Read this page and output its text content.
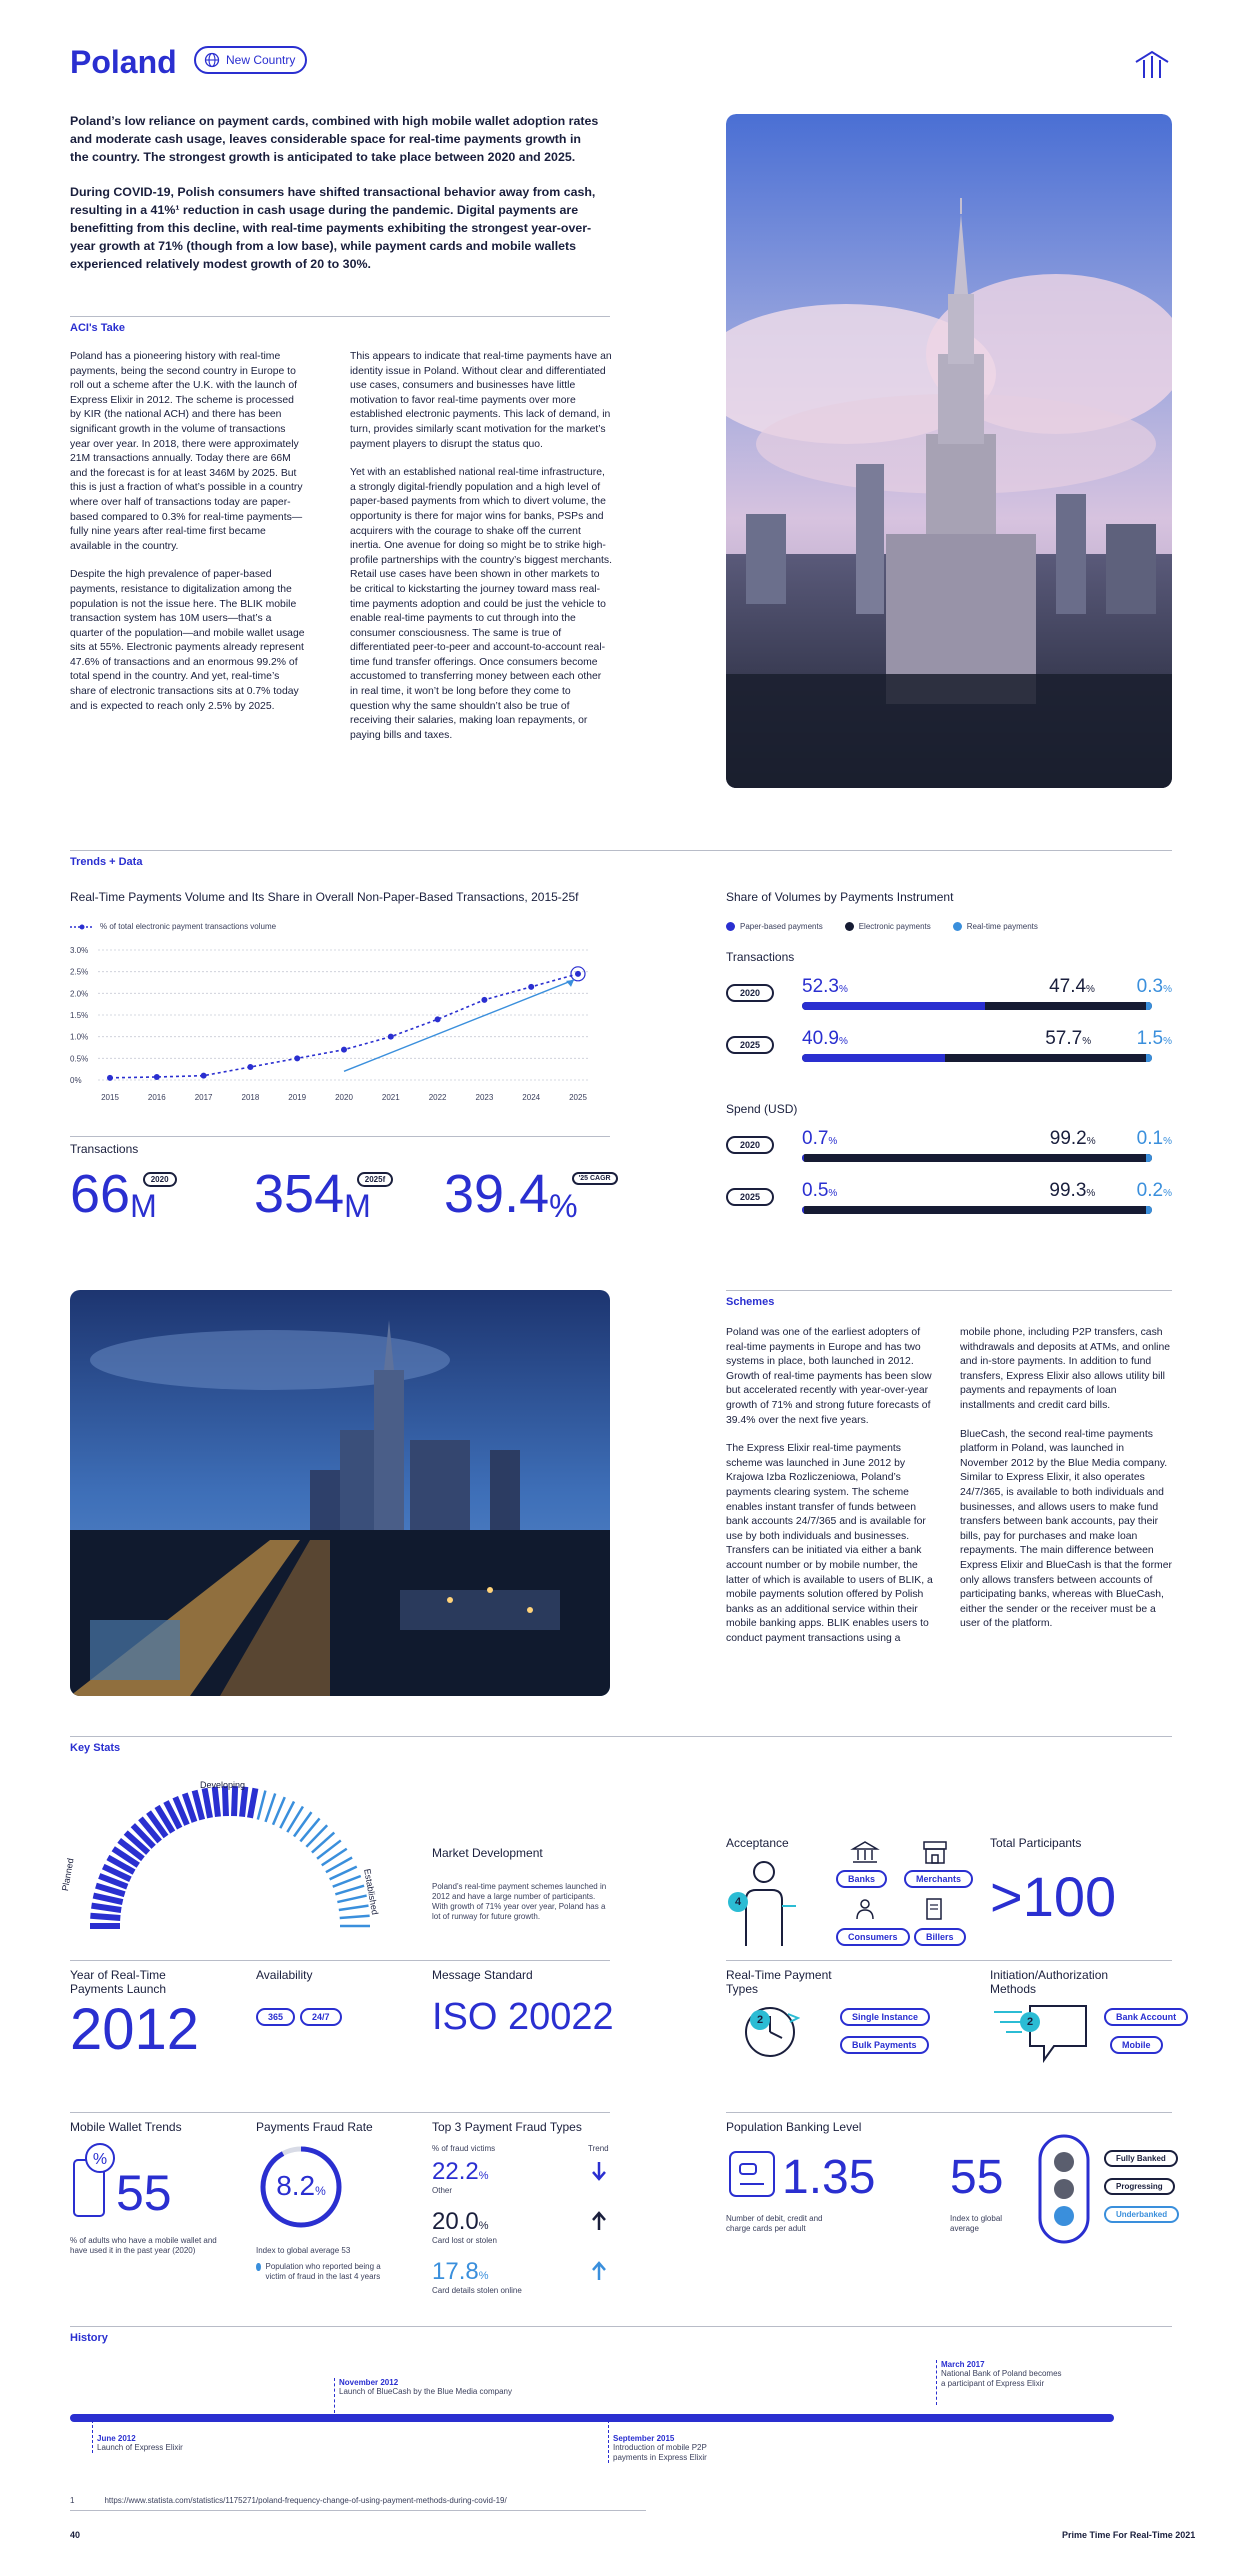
Poland	New Country

Poland’s low reliance on payment cards, combined with high mobile wallet adoption rates and moderate cash usage, leaves considerable space for real-time payments growth in the country. The strongest growth is anticipated to take place between 2020 and 2025.

During COVID-19, Polish consumers have shifted transactional behavior away from cash, resulting in a 41%¹ reduction in cash usage during the pandemic. Digital payments are benefitting from this decline, with real-time payments exhibiting the strongest year-over-year growth at 71% (though from a low base), while payment cards and mobile wallets experienced relatively modest growth of 20 to 30%.

ACI's Take

Poland has a pioneering history with real-time payments, being the second country in Europe to roll out a scheme after the U.K. with the launch of Express Elixir in 2012. The scheme is processed by KIR (the national ACH) and there has been significant growth in the volume of transactions year over year. In 2018, there were approximately 21M transactions annually. Today there are 66M and the forecast is for at least 346M by 2025. But this is just a fraction of what’s possible in a country where over half of transactions today are paper-based compared to 0.3% for real-time payments—fully nine years after real-time first became available in the country.

Despite the high prevalence of paper-based payments, resistance to digitalization among the population is not the issue here. The BLIK mobile transaction system has 10M users—that’s a quarter of the population—and mobile wallet usage sits at 55%. Electronic payments already represent 47.6% of transactions and an enormous 99.2% of total spend in the country. And yet, real-time’s share of electronic transactions sits at 0.7% today and is expected to reach only 2.5% by 2025.

This appears to indicate that real-time payments have an identity issue in Poland. Without clear and differentiated use cases, consumers and businesses have little motivation to favor real-time payments over more established electronic payments. This lack of demand, in turn, provides similarly scant motivation for the market’s payment players to disrupt the status quo.

Yet with an established national real-time infrastructure, a strongly digital-friendly population and a high level of paper-based payments from which to divert volume, the opportunity is there for major wins for banks, PSPs and acquirers with the courage to shake off the current inertia. One avenue for doing so might be to strike high-profile partnerships with the country’s biggest merchants. Retail use cases have been shown in other markets to be critical to kickstarting the journey toward mass real-time payments adoption and could be just the vehicle to enable real-time payments to cut through into the consumer consciousness. The same is true of differentiated peer-to-peer and account-to-account real-time fund transfer offerings. Once consumers become accustomed to transferring money between each other in real time, it won’t be long before they come to question why the same shouldn’t also be true of receiving their salaries, making loan repayments, or paying bills and taxes.

Trends + Data
Real-Time Payments Volume and Its Share in Overall Non-Paper-Based Transactions, 2015-25f
% of total electronic payment transactions volume
0%
0.5%
1.0%
1.5%
2.0%
2.5%
3.0%
2015	2016	2017	2018	2019	2020	2021	2022	2023	2024	2025
Transactions
66 M
2020 354 M
2025f 39.4 %
'25 CAGR
Share of Volumes by Payments Instrument
Paper-based payments	Electronic payments	Real-time payments
Transactions
2020	52.3%	47.4% 0.3%
2025	40.9%	57.7% 1.5%
Spend (USD)
2020	0.7%	99.2% 0.1%
2025	0.5%	99.3% 0.2%
Schemes

Poland was one of the earliest adopters of real-time payments in Europe and has two systems in place, both launched in 2012. Growth of real-time payments has been slow but accelerated recently with year-over-year growth of 71% and strong future forecasts of 39.4% over the next five years.

The Express Elixir real-time payments scheme was launched in June 2012 by Krajowa Izba Rozliczeniowa, Poland’s payments clearing system. The scheme enables instant transfer of funds between bank accounts 24/7/365 and is available for use by both individuals and businesses. Transfers can be initiated via either a bank account number or by mobile number, the latter of which is available to users of BLIK, a mobile payments solution offered by Polish banks as an additional service within their mobile banking apps. BLIK enables users to conduct payment transactions using a

mobile phone, including P2P transfers, cash withdrawals and deposits at ATMs, and online and in-store payments. In addition to fund transfers, Express Elixir also allows utility bill payments and repayments of loan installments and credit card bills.

BlueCash, the second real-time payments platform in Poland, was launched in November 2012 by the Blue Media company. Similar to Express Elixir, it also operates 24/7/365, is available to both individuals and businesses, and allows users to make fund transfers between bank accounts, pay their bills, pay for purchases and make loan repayments. The main difference between Express Elixir and BlueCash is that the former only allows transfers between accounts of participating banks, whereas with BlueCash, either the sender or the receiver must be a user of the platform.

Key Stats
Planned
Developing
Established
Market Development
Poland’s real-time payment schemes launched in 2012 and have a large number of participants. With growth of 71% year over year, Poland has a lot of runway for future growth.
Acceptance
4
Banks	Merchants
Consumers	Billers
Total Participants
>100
Year of Real-Time Payments Launch
2012
Availability
365	24/7
Message Standard
ISO 20022
Real-Time Payment Types
2	Single Instance
Bulk Payments
Initiation/Authorization Methods
2	Bank Account
Mobile
Mobile Wallet Trends
%
55
% of adults who have a mobile wallet and have used it in the past year (2020)
Payments Fraud Rate
8.2%
Index to global average 53
Population who reported being a victim of fraud in the last 4 years
Top 3 Payment Fraud Types
% of fraud victims	Trend
22.2%
Other
20.0%
Card lost or stolen
17.8%
Card details stolen online
Population Banking Level
1.35
Number of debit, credit and charge cards per adult
55
Index to global average
Fully Banked
Progressing
Underbanked
History
June 2012
Launch of Express Elixir
November 2012
Launch of BlueCash by the Blue Media company
September 2015
Introduction of mobile P2P payments in Express Elixir
March 2017
National Bank of Poland becomes a participant of Express Elixir
1	https://www.statista.com/statistics/1175271/poland-frequency-change-of-using-payment-methods-during-covid-19/
40	Prime Time For Real-Time 2021
